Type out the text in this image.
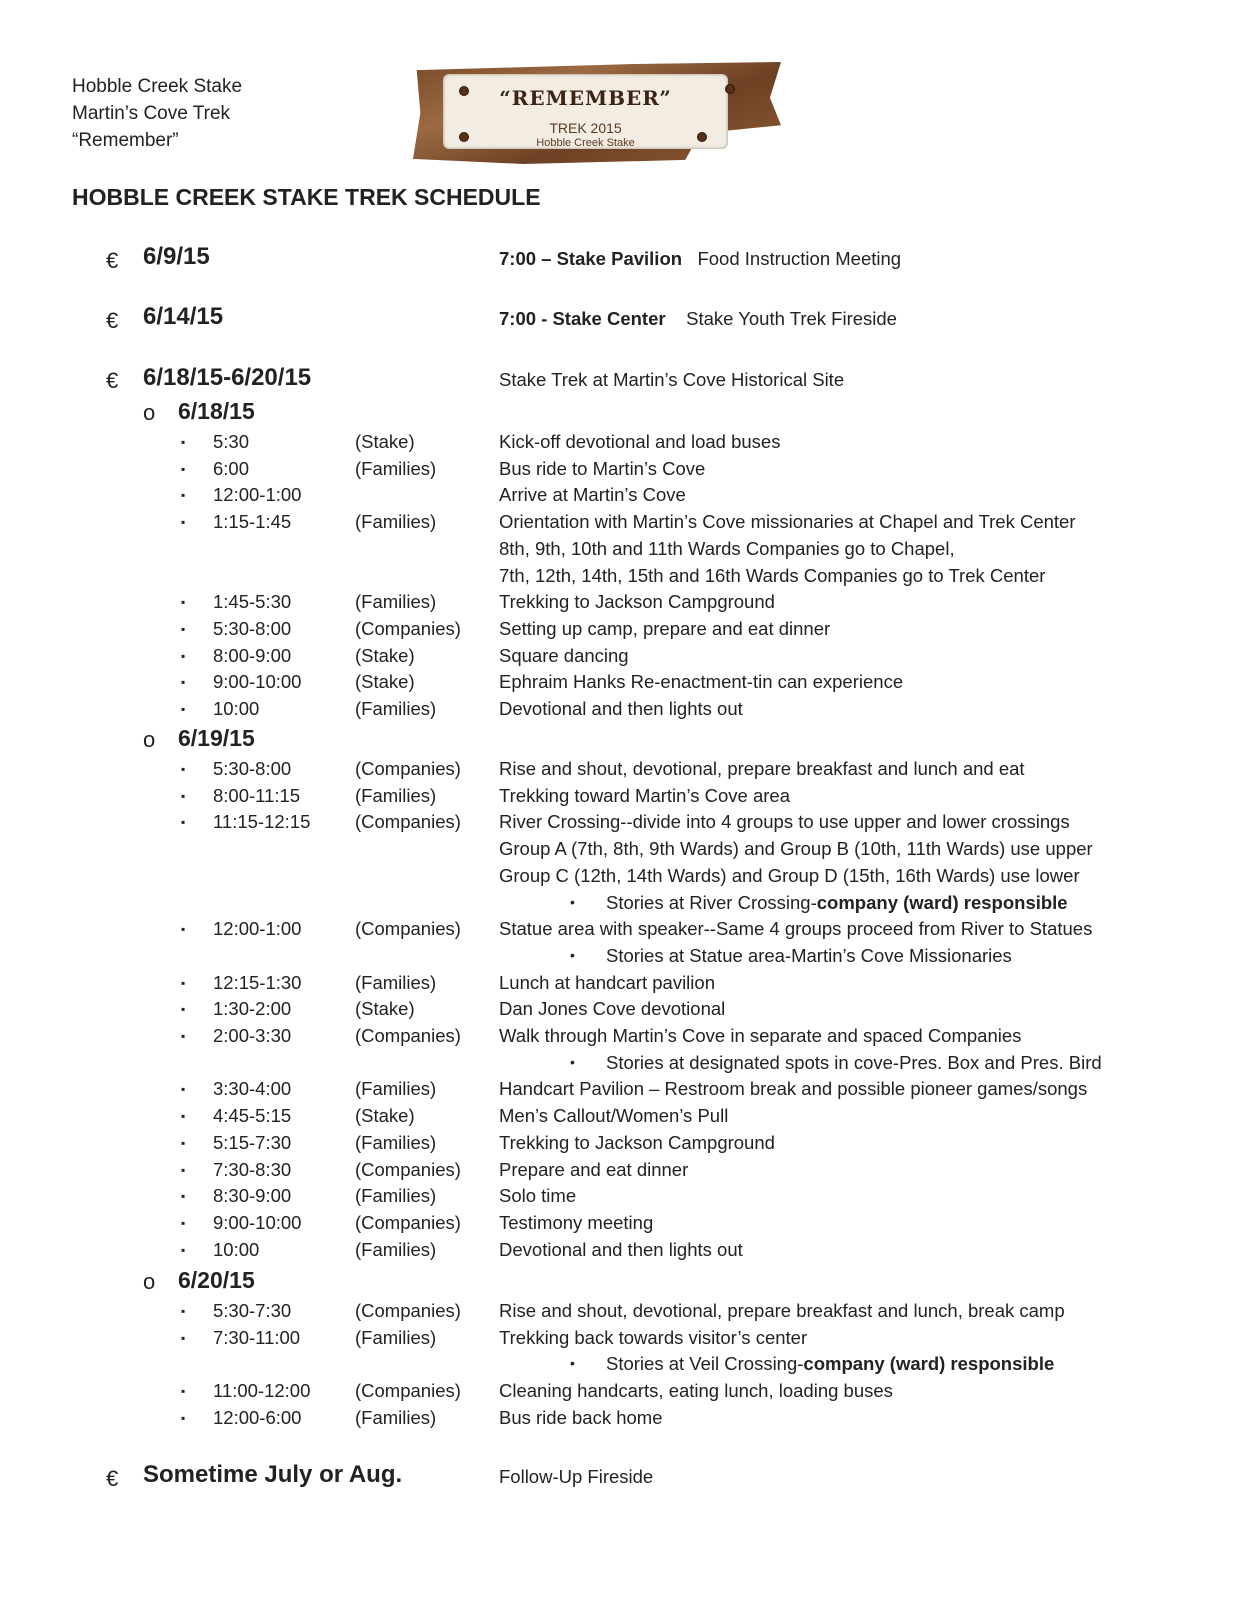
Hobble Creek Stake
Martin’s Cove Trek
“Remember”
“REMEMBER”
TREK 2015
Hobble Creek Stake
HOBBLE CREEK STAKE TREK SCHEDULE
€ 6/9/15	7:00 – Stake Pavilion Food Instruction Meeting
€ 6/14/15	7:00 - Stake Center Stake Youth Trek Fireside
€ 6/18/15-6/20/15	Stake Trek at Martin’s Cove Historical Site
o 6/18/15
▪ 5:30	(Stake)	Kick-off devotional and load buses
▪ 6:00	(Families)	Bus ride to Martin’s Cove
▪ 12:00-1:00	Arrive at Martin’s Cove
▪ 1:15-1:45	(Families)	Orientation with Martin’s Cove missionaries at Chapel and Trek Center
8th, 9th, 10th and 11th Wards Companies go to Chapel,
7th, 12th, 14th, 15th and 16th Wards Companies go to Trek Center
▪ 1:45-5:30	(Families)	Trekking to Jackson Campground
▪ 5:30-8:00	(Companies) Setting up camp, prepare and eat dinner
▪ 8:00-9:00	(Stake)	Square dancing
▪ 9:00-10:00	(Stake)	Ephraim Hanks Re-enactment-tin can experience
▪ 10:00	(Families)	Devotional and then lights out
o 6/19/15
▪ 5:30-8:00	(Companies) Rise and shout, devotional, prepare breakfast and lunch and eat
▪ 8:00-11:15	(Families)	Trekking toward Martin’s Cove area
▪ 11:15-12:15 (Companies) River Crossing--divide into 4 groups to use upper and lower crossings
Group A (7th, 8th, 9th Wards) and Group B (10th, 11th Wards) use upper
Group C (12th, 14th Wards) and Group D (15th, 16th Wards) use lower
• Stories at River Crossing-company (ward) responsible
▪ 12:00-1:00	(Companies) Statue area with speaker--Same 4 groups proceed from River to Statues
• Stories at Statue area-Martin’s Cove Missionaries
▪ 12:15-1:30	(Families)	Lunch at handcart pavilion
▪ 1:30-2:00	(Stake)	Dan Jones Cove devotional
▪ 2:00-3:30	(Companies) Walk through Martin’s Cove in separate and spaced Companies
• Stories at designated spots in cove-Pres. Box and Pres. Bird
▪ 3:30-4:00	(Families)	Handcart Pavilion – Restroom break and possible pioneer games/songs
▪ 4:45-5:15	(Stake)	Men’s Callout/Women’s Pull
▪ 5:15-7:30	(Families)	Trekking to Jackson Campground
▪ 7:30-8:30	(Companies) Prepare and eat dinner
▪ 8:30-9:00	(Families)	Solo time
▪ 9:00-10:00	(Companies) Testimony meeting
▪ 10:00	(Families)	Devotional and then lights out
o 6/20/15
▪ 5:30-7:30	(Companies) Rise and shout, devotional, prepare breakfast and lunch, break camp
▪ 7:30-11:00	(Families)	Trekking back towards visitor’s center
• Stories at Veil Crossing-company (ward) responsible
▪ 11:00-12:00 (Companies) Cleaning handcarts, eating lunch, loading buses
▪ 12:00-6:00	(Families)	Bus ride back home
€ Sometime July or Aug.	Follow-Up Fireside
